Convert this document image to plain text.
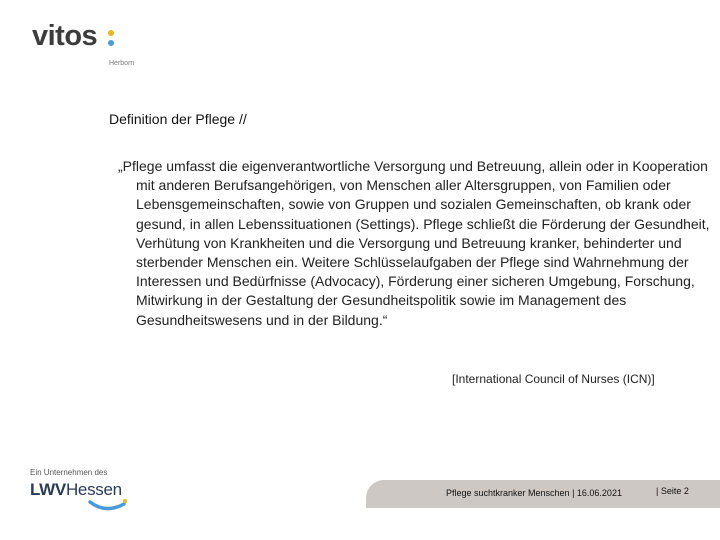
vitos
Herborn
Definition der Pflege //

„Pflege umfasst die eigenverantwortliche Versorgung und Betreuung, allein oder in Kooperation mit anderen Berufsangehörigen, von Menschen aller Altersgruppen, von Familien oder Lebensgemeinschaften, sowie von Gruppen und sozialen Gemeinschaften, ob krank oder gesund, in allen Lebenssituationen (Settings). Pflege schließt die Förderung der Gesundheit, Verhütung von Krankheiten und die Versorgung und Betreuung kranker, behinderter und sterbender Menschen ein. Weitere Schlüsselaufgaben der Pflege sind Wahrnehmung der Interessen und Bedürfnisse (Advocacy), Förderung einer sicheren Umgebung, Forschung, Mitwirkung in der Gestaltung der Gesundheitspolitik sowie im Management des Gesundheitswesens und in der Bildung.“

[International Council of Nurses (ICN)]
Ein Unternehmen des
LWVHessen	Pflege suchtkranker Menschen | 16.06.2021	| Seite 2
